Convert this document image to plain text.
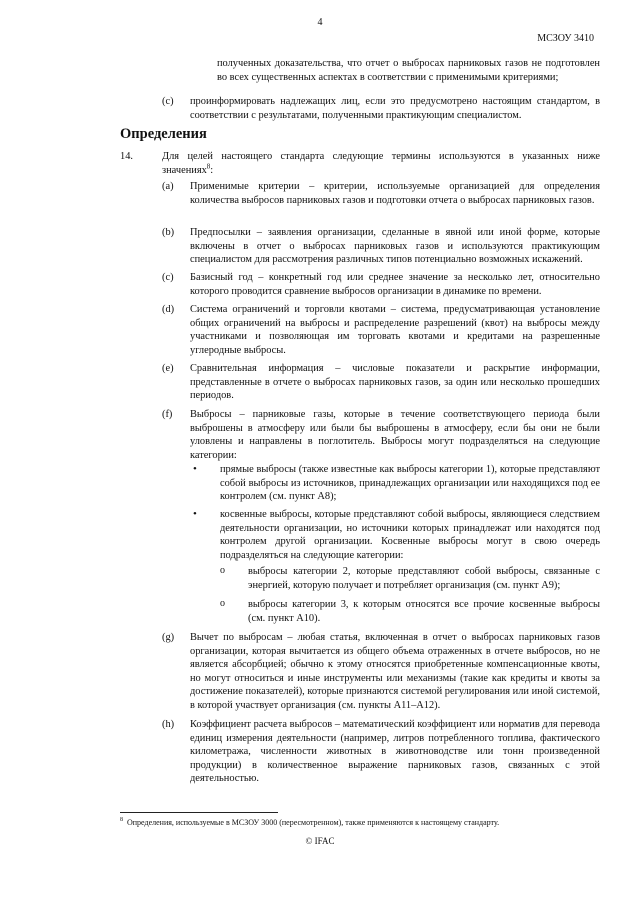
4
МСЗОУ 3410
полученных доказательства, что отчет о выбросах парниковых газов не подготовлен во всех существенных аспектах в соответствии с применимыми критериями;
(c) проинформировать надлежащих лиц, если это предусмотрено настоящим стандартом, в соответствии с результатами, полученными практикующим специалистом.
Определения
14.	Для целей настоящего стандарта следующие термины используются в указанных ниже значениях$^8$:
(a) Применимые критерии – критерии, используемые организацией для определения количества выбросов парниковых газов и подготовки отчета о выбросах парниковых газов.
(b) Предпосылки – заявления организации, сделанные в явной или иной форме, которые включены в отчет о выбросах парниковых газов и используются практикующим специалистом для рассмотрения различных типов потенциально возможных искажений.
(c) Базисный год – конкретный год или среднее значение за несколько лет, относительно которого проводится сравнение выбросов организации в динамике по времени.
(d) Система ограничений и торговли квотами – система, предусматривающая установление общих ограничений на выбросы и распределение разрешений (квот) на выбросы между участниками и позволяющая им торговать квотами и кредитами на разрешенные углеродные выбросы.
(e) Сравнительная информация – числовые показатели и раскрытие информации, представленные в отчете о выбросах парниковых газов, за один или несколько прошедших периодов.
(f) Выбросы – парниковые газы, которые в течение соответствующего периода были выброшены в атмосферу или были бы выброшены в атмосферу, если бы они не были уловлены и направлены в поглотитель. Выбросы могут подразделяться на следующие категории:
• прямые выбросы (также известные как выбросы категории 1), которые представляют собой выбросы из источников, принадлежащих организации или находящихся под ее контролем (см. пункт A8);
• косвенные выбросы, которые представляют собой выбросы, являющиеся следствием деятельности организации, но источники которых принадлежат или находятся под контролем другой организации. Косвенные выбросы могут в свою очередь подразделяться на следующие категории:
o выбросы категории 2, которые представляют собой выбросы, связанные с энергией, которую получает и потребляет организация (см. пункт A9);
o выбросы категории 3, к которым относятся все прочие косвенные выбросы (см. пункт A10).
(g) Вычет по выбросам – любая статья, включенная в отчет о выбросах парниковых газов организации, которая вычитается из общего объема отраженных в отчете выбросов, но не является абсорбцией; обычно к этому относятся приобретенные компенсационные квоты, но могут относиться и иные инструменты или механизмы (такие как кредиты и квоты за достижение показателей), которые признаются системой регулирования или иной системой, в которой участвует организация (см. пункты A11–A12).
(h) Коэффициент расчета выбросов – математический коэффициент или норматив для перевода единиц измерения деятельности (например, литров потребленного топлива, фактического километража, численности животных в животноводстве или тонн произведенной продукции) в количественное выражение парниковых газов, связанных с этой деятельностью.
$^8$ Определения, используемые в МСЗОУ 3000 (пересмотренном), также применяются к настоящему стандарту.
© IFAC
